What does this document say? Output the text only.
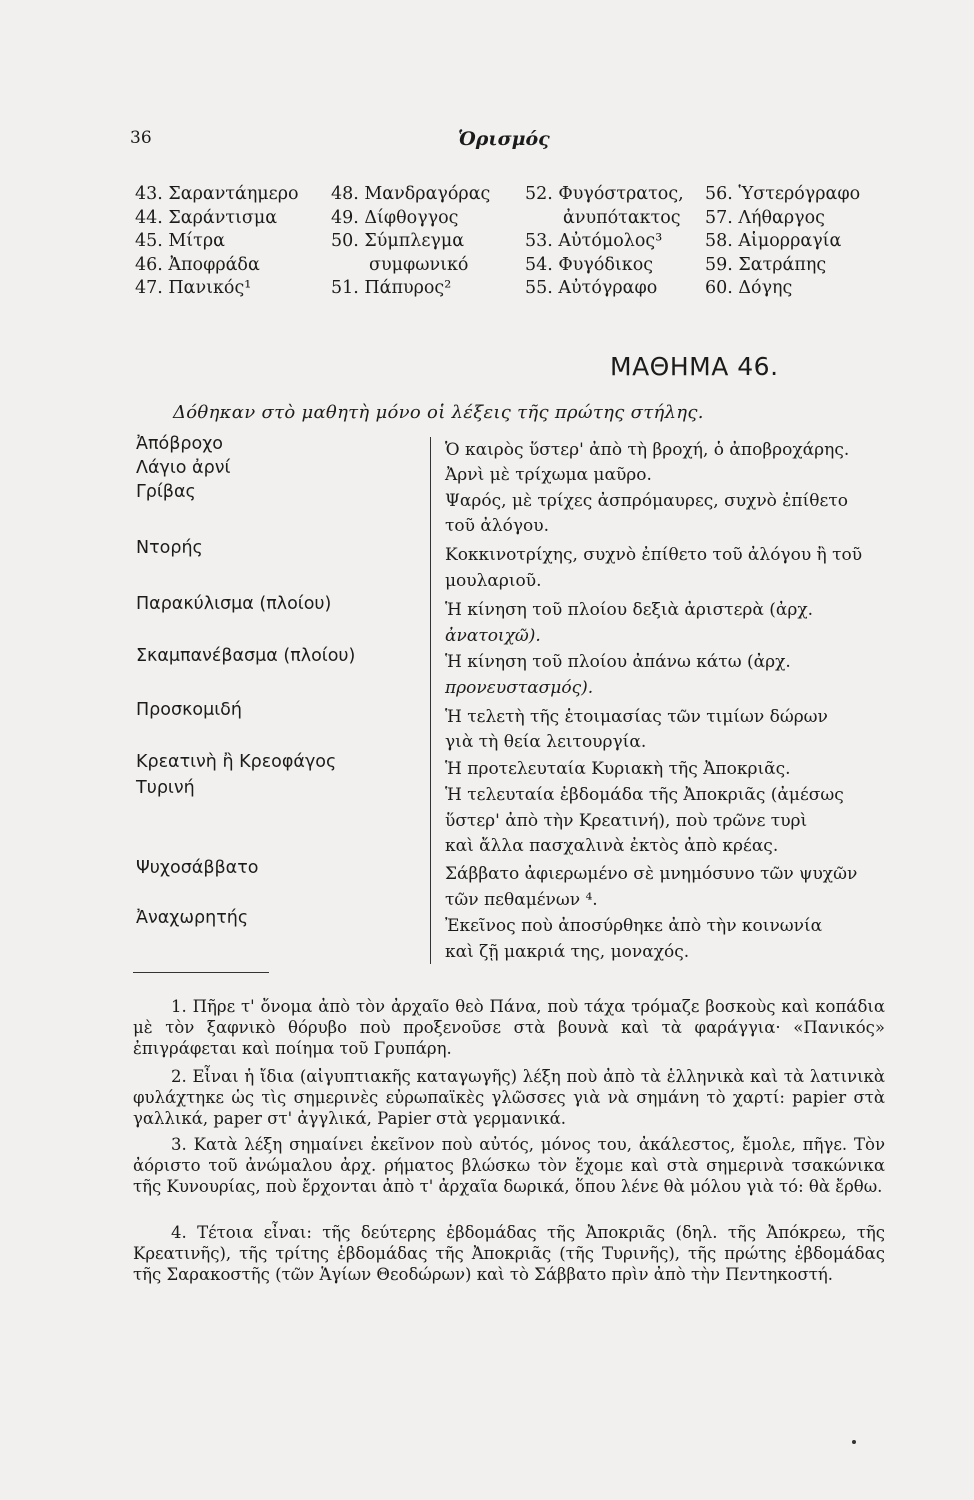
36	Ὁρισμός
43. Σαραντάημερο
44. Σαράντισμα
45. Μίτρα
46. Ἀποφράδα
47. Πανικός¹
48. Μανδραγόρας
49. Δίφθογγος
50. Σύμπλεγμα
συμφωνικό
51. Πάπυρος²
52. Φυγόστρατος,
ἀνυπότακτος
53. Αὐτόμολος³
54. Φυγόδικος
55. Αὐτόγραφο
56. Ὑστερόγραφο
57. Λήθαργος
58. Αἱμορραγία
59. Σατράπης
60. Δόγης
ΜΑΘΗΜΑ 46.
Δόθηκαν στὸ μαθητὴ μόνο οἱ λέξεις τῆς πρώτης στήλης.
Ἀπόβροχο
Λάγιο ἀρνί
Γρίβας
Ντορής
Παρακύλισμα (πλοίου)
Σκαμπανέβασμα (πλοίου)
Προσκομιδή
Κρεατινὴ ἢ Κρεοφάγος
Τυρινή
Ψυχοσάββατο
Ἀναχωρητής
Ὁ καιρὸς ὕστερ' ἀπὸ τὴ βροχή, ὁ ἀποβροχάρης.
Ἀρνὶ μὲ τρίχωμα μαῦρο.
Ψαρός, μὲ τρίχες ἀσπρόμαυρες, συχνὸ ἐπίθετο
τοῦ ἀλόγου.
Κοκκινοτρίχης, συχνὸ ἐπίθετο τοῦ ἀλόγου ἢ τοῦ
μουλαριοῦ.
Ἡ κίνηση τοῦ πλοίου δεξιὰ ἀριστερὰ (ἀρχ.
ἀνατοιχῶ).
Ἡ κίνηση τοῦ πλοίου ἀπάνω κάτω (ἀρχ.
προνευστασμός).
Ἡ τελετὴ τῆς ἑτοιμασίας τῶν τιμίων δώρων
γιὰ τὴ θεία λειτουργία.
Ἡ προτελευταία Κυριακὴ τῆς Ἀποκριᾶς.
Ἡ τελευταία ἑβδομάδα τῆς Ἀποκριᾶς (ἀμέσως
ὕστερ' ἀπὸ τὴν Κρεατινή), ποὺ τρῶνε τυρὶ
καὶ ἄλλα πασχαλινὰ ἐκτὸς ἀπὸ κρέας.
Σάββατο ἀφιερωμένο σὲ μνημόσυνο τῶν ψυχῶν
τῶν πεθαμένων ⁴.
Ἐκεῖνος ποὺ ἀποσύρθηκε ἀπὸ τὴν κοινωνία
καὶ ζῇ μακριά της, μοναχός.

1. Πῆρε τ' ὄνομα ἀπὸ τὸν ἀρχαῖο θεὸ Πάνα, ποὺ τάχα τρόμαζε βοσκοὺς καὶ κοπάδια μὲ τὸν ξαφνικὸ θόρυβο ποὺ προξενοῦσε στὰ βουνὰ καὶ τὰ φαράγγια· «Πανικός» ἐπιγράφεται καὶ ποίημα τοῦ Γρυπάρη.

2. Εἶναι ἡ ἴδια (αἰγυπτιακῆς καταγωγῆς) λέξη ποὺ ἀπὸ τὰ ἑλληνικὰ καὶ τὰ λατινικὰ φυλάχτηκε ὡς τὶς σημερινὲς εὐρωπαϊκὲς γλῶσσες γιὰ νὰ σημάνη τὸ χαρτί: papier στὰ γαλλικά, paper στ' ἀγγλικά, Papier στὰ γερμανικά.

3. Κατὰ λέξη σημαίνει ἐκεῖνον ποὺ αὐτός, μόνος του, ἀκάλεστος, ἔμολε, πῆγε. Τὸν ἀόριστο τοῦ ἀνώμαλου ἀρχ. ρήματος βλώσκω τὸν ἔχομε καὶ στὰ σημερινὰ τσακώνικα τῆς Κυνουρίας, ποὺ ἔρχονται ἀπὸ τ' ἀρχαῖα δωρικά, ὅπου λένε θὰ μόλου γιὰ τό: θὰ ἔρθω.

4. Τέτοια εἶναι: τῆς δεύτερης ἑβδομάδας τῆς Ἀποκριᾶς (δηλ. τῆς Ἀπόκρεω, τῆς Κρεατινῆς), τῆς τρίτης ἑβδομάδας τῆς Ἀποκριᾶς (τῆς Τυρινῆς), τῆς πρώτης ἑβδομάδας τῆς Σαρακοστῆς (τῶν Ἁγίων Θεοδώρων) καὶ τὸ Σάββατο πρὶν ἀπὸ τὴν Πεντηκοστή.
